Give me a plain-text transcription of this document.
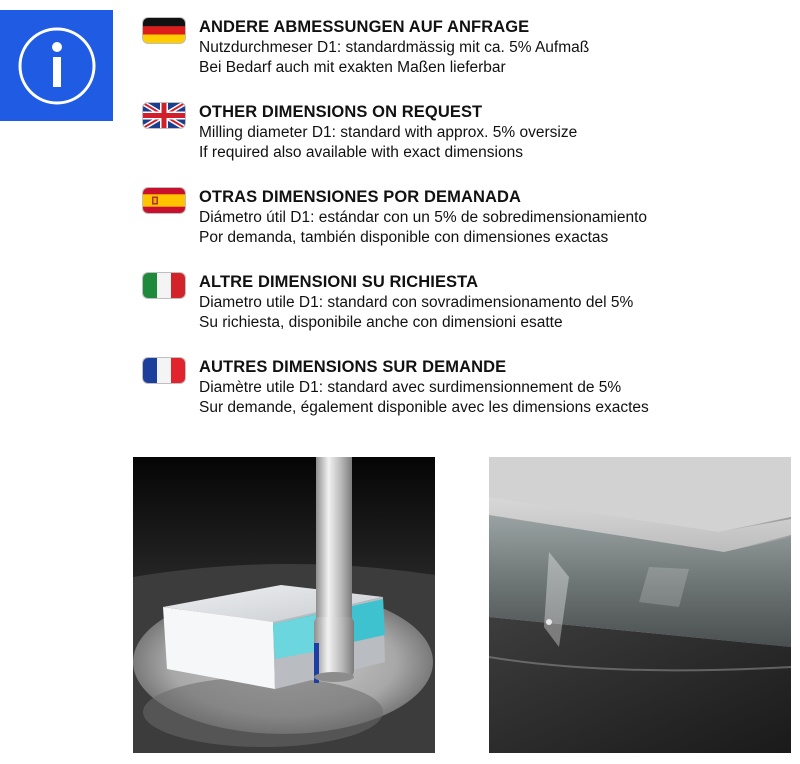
ANDERE ABMESSUNGEN AUF ANFRAGE
Nutzdurchmeser D1: standardmässig mit ca. 5% Aufmaß
Bei Bedarf auch mit exakten Maßen lieferbar
OTHER DIMENSIONS ON REQUEST
Milling diameter D1: standard with approx. 5% oversize
If required also available with exact dimensions
OTRAS DIMENSIONES POR DEMANADA
Diámetro útil D1: estándar con un 5% de sobredimensionamiento
Por demanda, también disponible con dimensiones exactas
ALTRE DIMENSIONI SU RICHIESTA
Diametro utile D1: standard con sovradimensionamento del 5%
Su richiesta, disponibile anche con dimensioni esatte
AUTRES DIMENSIONS SUR DEMANDE
Diamètre utile D1: standard avec surdimensionnement de 5%
Sur demande, également disponible avec les dimensions exactes
